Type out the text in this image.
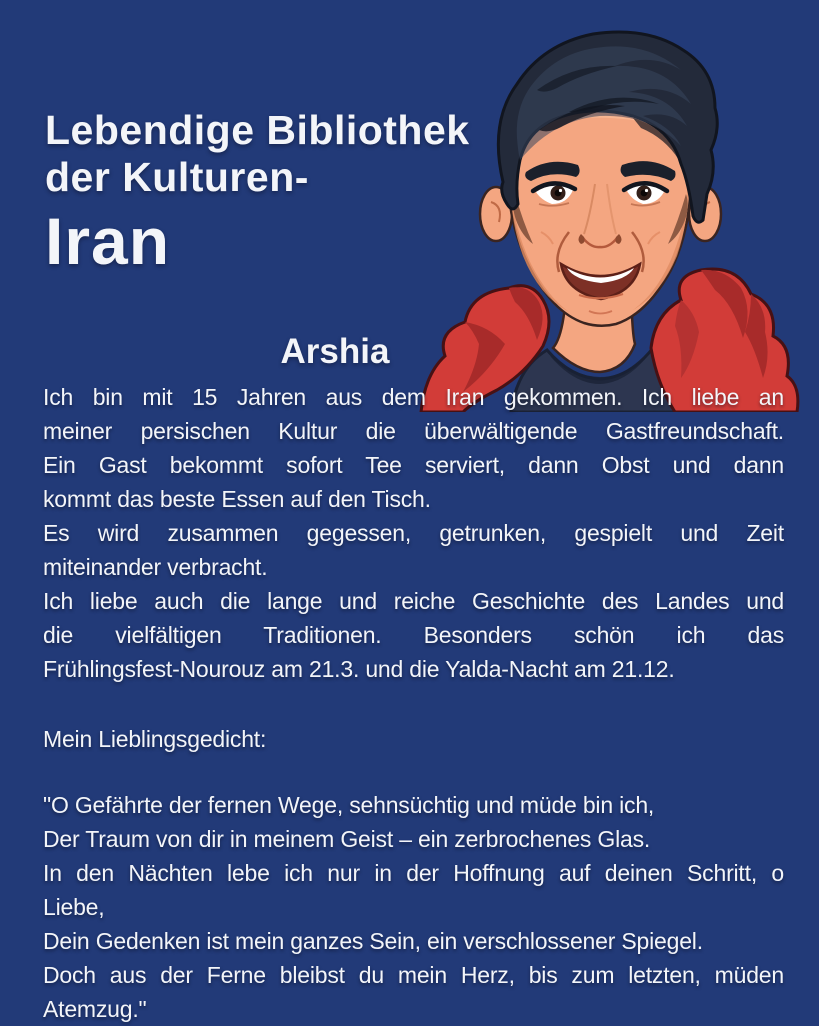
Lebendige Bibliothek
der Kulturen-
Iran
Arshia
Ich bin mit 15 Jahren aus dem Iran gekommen. Ich liebe an
meiner persischen Kultur die überwältigende Gastfreundschaft.
Ein Gast bekommt sofort Tee serviert, dann Obst und dann
kommt das beste Essen auf den Tisch.
Es wird zusammen gegessen, getrunken, gespielt und Zeit
miteinander verbracht.
Ich liebe auch die lange und reiche Geschichte des Landes und
die vielfältigen Traditionen. Besonders schön ich das
Frühlingsfest-Nourouz am 21.3. und die Yalda-Nacht am 21.12.
Mein Lieblingsgedicht:
"O Gefährte der fernen Wege, sehnsüchtig und müde bin ich,
Der Traum von dir in meinem Geist – ein zerbrochenes Glas.
In den Nächten lebe ich nur in der Hoffnung auf deinen Schritt, o
Liebe,
Dein Gedenken ist mein ganzes Sein, ein verschlossener Spiegel.
Doch aus der Ferne bleibst du mein Herz, bis zum letzten, müden
Atemzug."
